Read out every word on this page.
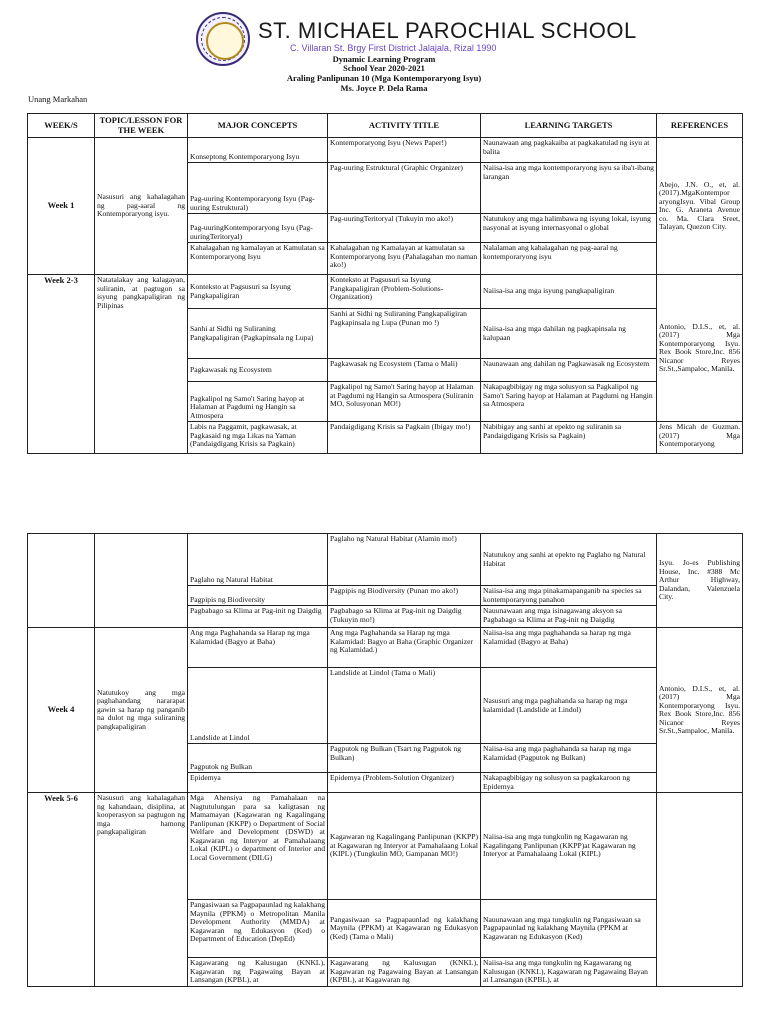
ST. MICHAEL PAROCHIAL SCHOOL
C. Villaran St. Brgy First District Jalajala, Rizal 1990
Dynamic Learning Program
School Year 2020-2021
Araling Panlipunan 10 (Mga Kontemporaryong Isyu)
Ms. Joyce P. Dela Rama
Unang Markahan
WEEK/S	TOPIC/LESSON FOR THE WEEK	MAJOR CONCEPTS	ACTIVITY TITLE	LEARNING TARGETS	REFERENCES
Week 1	Nasusuri ang kahalagahan ng pag-aaral ng Kontemporaryong isyu.	Konseptong Kontemporaryong Isyu	Kontemporaryong Isyu (News Paper!)	Naunawaan ang pagkakaiba at pagkakatulad ng isyu at balita	Abejo, J.N. O., et, al. (2017).MgaKontempor aryongIsyu. Vibal Group Inc. G. Araneta Avenue co. Ma. Clara Sreet, Talayan, Quezon City.
		Pag-uuring Kontemporaryong Isyu (Pag-uuring Estruktural)	Pag-uuring Estruktural (Graphic Organizer)	Naiisa-isa ang mga kontemporaryong isyu sa iba't-ibang larangan	
		Pag-uuringKontemporaryong Isyu (Pag-uuringTeritoryal)	Pag-uuringTeritoryal (Tukuyin mo ako!)	Natutukoy ang mga halimbawa ng isyung lokal, isyung nasyonal at isyung internasyonal o global	
		Kahalagahan ng kamalayan at Kamulatan sa Kontemporaryong Isyu	Kahalagahan ng Kamalayan at kamulatan sa Kontemporaryong Isyu (Pahalagahan mo naman ako!)	Nalalaman ang kahalagahan ng pag-aaral ng kontemporaryong isyu	
Week 2-3	Natatalakay ang kalagayan, suliranin, at pagtugon sa isyung pangkapaligiran ng Pilipinas	Konteksto at Pagsusuri sa Isyung Pangkapaligiran	Konteksto at Pagsusuri sa Isyung Pangkapaligiran (Problem-Solutions-Organization)	Naiisa-isa ang mga isyung pangkapaligiran	Antonio, D.I.S., et, al. (2017) Mga Kontemporaryong Isyu. Rex Book Store,Inc. 856 Nicanor Reyes Sr.St.,Sampaloc, Manila.
		Sanhi at Sidhi ng Suliraning Pangkapaligiran (Pagkapinsala ng Lupa)	Sanhi at Sidhi ng Suliraning Pangkapaligiran Pagkapinsala ng Lupa (Punan mo !)	Naiisa-isa ang mga dahilan ng pagkapinsala ng kalupaan	
		Pagkawasak ng Ecosystem	Pagkawasak ng Ecosystem (Tama o Mali)	Naunawaan ang dahilan ng Pagkawasak ng Ecosystem	
		Pagkalipol ng Samo't Saring hayop at Halaman at Pagdumi ng Hangin sa Atmospera	Pagkalipol ng Samo't Saring hayop at Halaman at Pagdumi ng Hangin sa Atmospera (Suliranin MO, Solusyonan MO!)	Nakapagbibigay ng mga solusyon sa Pagkalipol ng Samo't Saring hayop at Halaman at Pagdumi ng Hangin sa Atmospera	
		Labis na Paggamit, pagkawasak, at Pagkasaid ng mga Likas na Yaman (Pandaigdigang Krisis sa Pagkain)	Pandaigdigang Krisis sa Pagkain (Ibigay mo!)	Nabibigay ang sanhi at epekto ng suliranin sa Pandaigdigang Krisis sa Pagkain)	Jens Micah de Guzman. (2017) Mga Kontemporaryong
		Paglaho ng Natural Habitat	Paglaho ng Natural Habitat (Alamin mo!)	Natutukoy ang sanhi at epekto ng Paglaho ng Natural Habitat	Isyu. Jo-es Publishing House, Inc. #388 Mc Arthur Highway, Dalandan, Valenzuela City.
		Pagpipis ng Biodiversity	Pagpipis ng Biodiversity (Punan mo ako!)	Naiisa-isa ang mga pinakamapanganib na species sa kontemporaryong panahon	
		Pagbabago sa Klima at Pag-init ng Daigdig	Pagbabago sa Klima at Pag-init ng Daigdig (Tukuyin mo!)	Nauunawaan ang mga isinagawang aksyon sa Pagbabago sa Klima at Pag-init ng Daigdig	
Week 4	Natutukoy ang mga paghahandang nararapat gawin sa harap ng panganib na dulot ng mga suliraning pangkapaligiran	Ang mga Paghahanda sa Harap ng mga Kalamidad (Bagyo at Baha)	Ang mga Paghahanda sa Harap ng mga Kalamidad: Bagyo at Baha (Graphic Organizer ng Kalamidad.)	Naiisa-isa ang mga paghahanda sa harap ng mga Kalamidad (Bagyo at Baha)	Antonio, D.I.S., et, al. (2017) Mga Kontemporaryong Isyu. Rex Book Store,Inc. 856 Nicanor Reyes Sr.St.,Sampaloc, Manila.
		Landslide at Lindol	Landslide at Lindol (Tama o Mali)	Nasusuri ang mga paghahanda sa harap ng mga kalamidad (Landslide at Lindol)	
		Pagputok ng Bulkan	Pagputok ng Bulkan (Tsart ng Pagputok ng Bulkan)	Naiisa-isa ang mga paghahanda sa harap ng mga Kalamidad (Pagputok ng Bulkan)	
		Epidemya	Epidemya (Problem-Solution Organizer)	Nakapagbibigay ng solusyon sa pagkakaroon ng Epidemya	
Week 5-6	Nasusuri ang kahalagahan ng kahandaan, disiplina, at kooperasyon sa pagtugon ng mga hamong pangkapaligiran	Mga Ahensiya ng Pamahalaan na Nagtutulungan para sa kaligtasan ng Mamamayan (Kagawaran ng Kagalingang Panlipunan (KKPP) o Department of Social Welfare and Development (DSWD) at Kagawaran ng Interyor at Pamahalaang Lokal (KIPL) o department of Interior and Local Government (DILG)	Kagawaran ng Kagalingang Panlipunan (KKPP) at Kagawaran ng Interyor at Pamahalaang Lokal (KIPL) (Tungkulin MO, Gampanan MO!)	Naiisa-isa ang mga tungkulin ng Kagawaran ng Kagalingang Panlipunan (KKPP)at Kagawaran ng Interyor at Pamahalaang Lokal (KIPL)	
		Pangasiwaan sa Pagpapaunlad ng kalakhang Maynila (PPKM) o Metropolitan Manila Development Authority (MMDA) at Kagawaran ng Edukasyon (Ked) o Department of Education (DepEd)	Pangasiwaan sa Pagpapaunlad ng kalakhang Maynila (PPKM) at Kagawaran ng Edukasyon (Ked) (Tama o Mali)	Nauunawaan ang mga tungkulin ng Pangasiwaan sa Pagpapaunlad ng kalakhang Maynila (PPKM at Kagawaran ng Edukasyon (Ked)	
		Kagawarang ng Kalusugan (KNKL), Kagawaran ng Pagawaing Bayan at Lansangan (KPBL), at	Kagawarang ng Kalusugan (KNKL), Kagawaran ng Pagawaing Bayan at Lansangan (KPBL), at Kagawaran ng	Naiisa-isa ang mga tungkulin ng Kagawarang ng Kalusugan (KNKL), Kagawaran ng Pagawaing Bayan at Lansangan (KPBL), at	
